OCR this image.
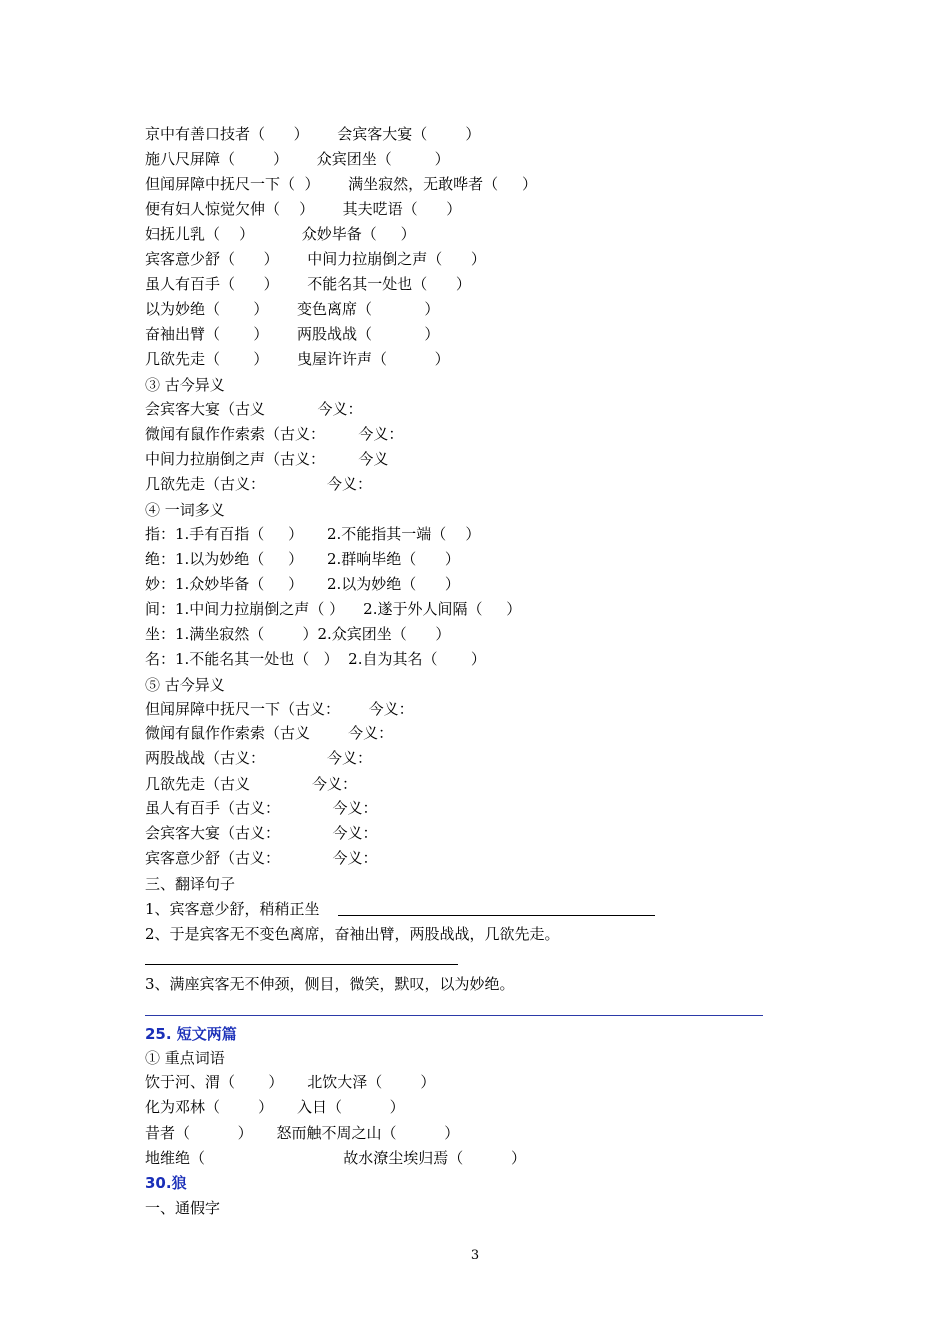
京中有善口技者（      ）      会宾客大宴（        ）
施八尺屏障（        ）      众宾团坐（         ）
但闻屏障中抚尺一下（  ）      满坐寂然，无敢哗者（     ）
便有妇人惊觉欠伸（    ）      其夫呓语（      ）
妇抚儿乳（    ）          众妙毕备（     ）
宾客意少舒（      ）      中间力拉崩倒之声（      ）
虽人有百手（      ）      不能名其一处也（      ）
以为妙绝（       ）      变色离席（           ）
奋袖出臂（       ）      两股战战（           ）
几欲先走（       ）      曳屋许许声（          ）
③ 古今异义
会宾客大宴（古义           今义：
微闻有鼠作作索索（古义：       今义：
中间力拉崩倒之声（古义：       今义
几欲先走（古义：             今义：
④ 一词多义
指：1.手有百指（     ）     2.不能指其一端（    ）
绝：1.以为妙绝（     ）     2.群响毕绝（      ）
妙：1.众妙毕备（     ）     2.以为妙绝（      ）
间：1.中间力拉崩倒之声（ ）    2.遂于外人间隔（     ）
坐：1.满坐寂然（        ）2.众宾团坐（      ）
名：1.不能名其一处也（   ）  2.自为其名（       ）
⑤ 古今异义
但闻屏障中抚尺一下（古义：      今义：
微闻有鼠作作索索（古义        今义：
两股战战（古义：             今义：
几欲先走（古义             今义：
虽人有百手（古义：           今义：
会宾客大宴（古义：           今义：
宾客意少舒（古义：           今义：
三、翻译句子
1、宾客意少舒，稍稍正坐
2、于是宾客无不变色离席，奋袖出臂，两股战战，几欲先走。
3、满座宾客无不伸颈，侧目，微笑，默叹，以为妙绝。
25. 短文两篇
① 重点词语
饮于河、渭（       ）     北饮大泽（        ）
化为邓林（        ）     入日（          ）
昔者（          ）     怒而触不周之山（          ）
地维绝（                             故水潦尘埃归焉（          ）
30.狼
一、通假字
3
